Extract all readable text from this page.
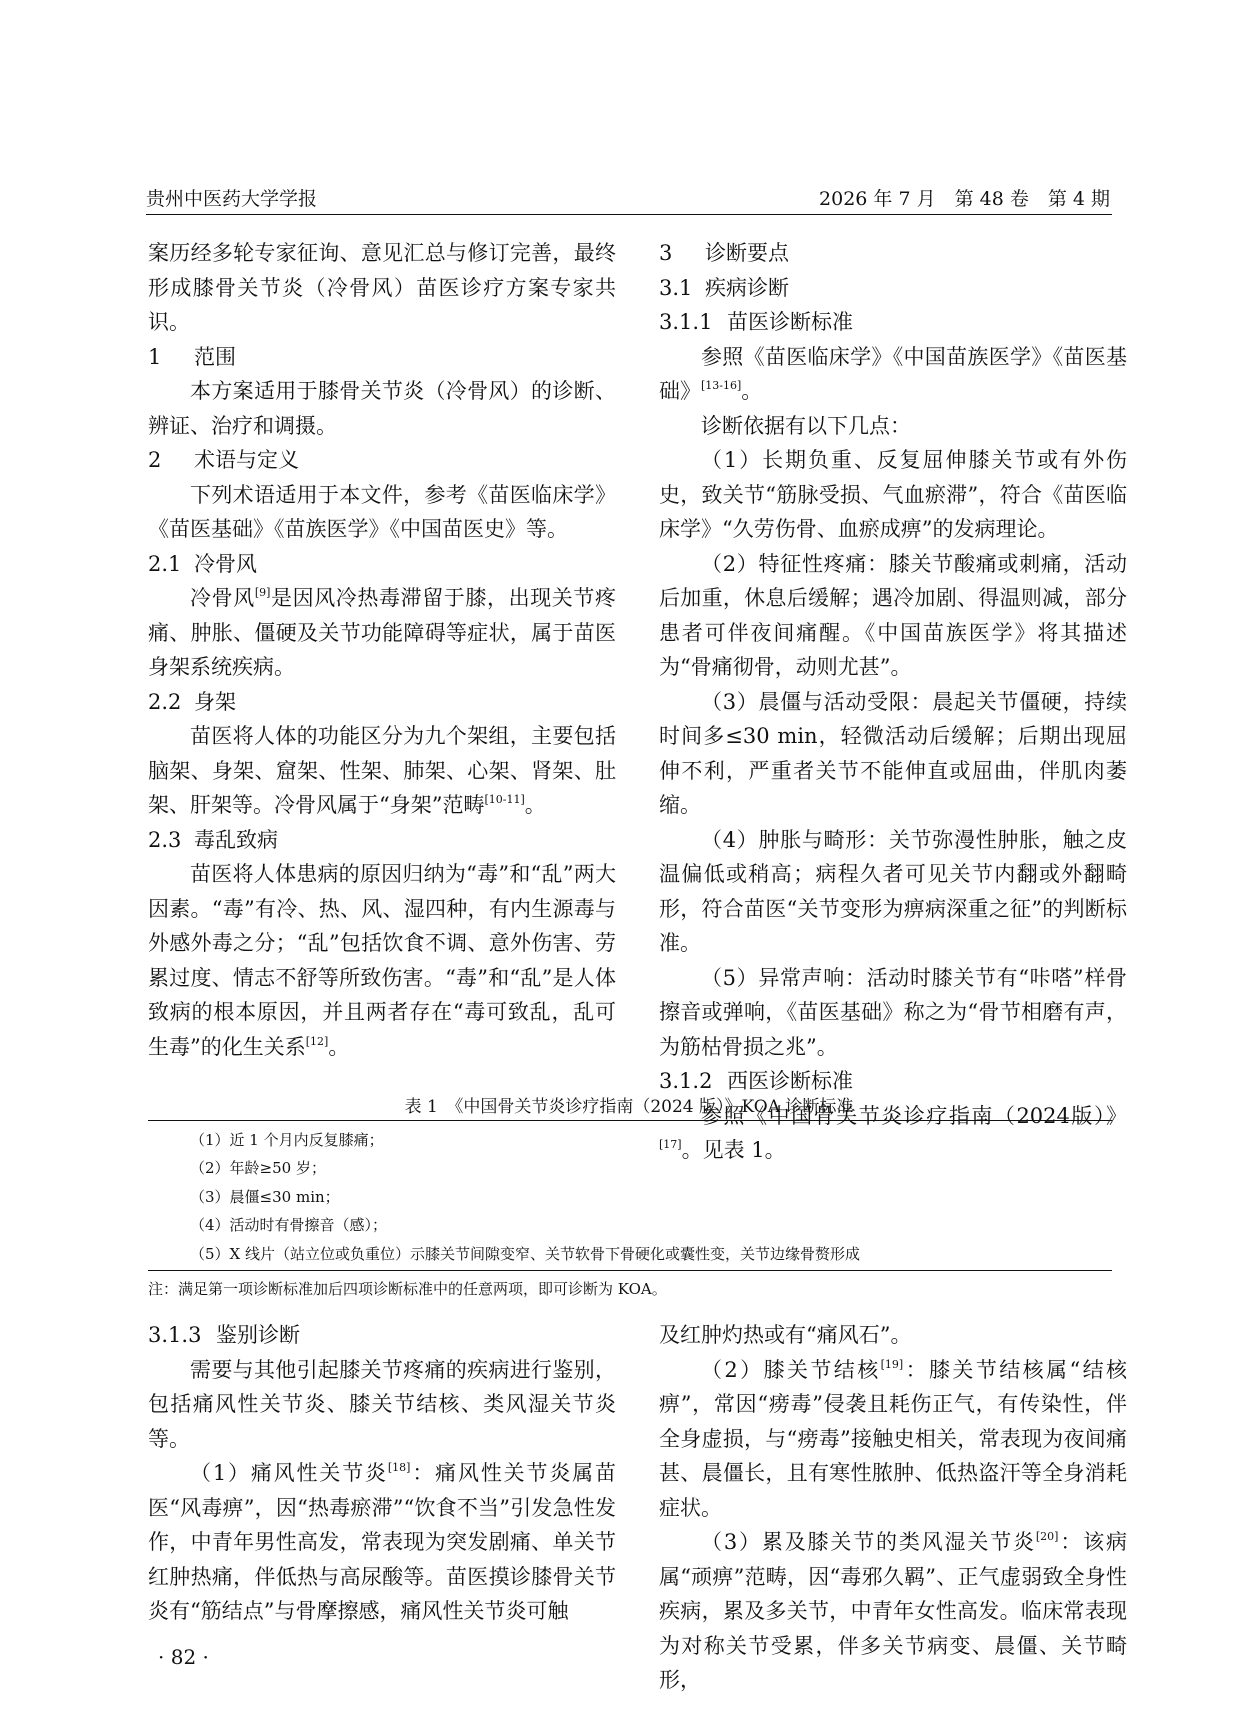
贵州中医药大学学报	2026 年 7 月　第 48 卷　第 4 期

案历经多轮专家征询、意见汇总与修订完善，最终形成膝骨关节炎（冷骨风）苗医诊疗方案专家共识。

1 范围

本方案适用于膝骨关节炎（冷骨风）的诊断、辨证、治疗和调摄。

2 术语与定义

下列术语适用于本文件，参考《苗医临床学》《苗医基础》《苗族医学》《中国苗医史》等。

2.1 冷骨风

冷骨风[9]是因风冷热毒滞留于膝，出现关节疼痛、肿胀、僵硬及关节功能障碍等症状，属于苗医身架系统疾病。

2.2 身架

苗医将人体的功能区分为九个架组，主要包括脑架、身架、窟架、性架、肺架、心架、肾架、肚架、肝架等。冷骨风属于“身架”范畴[10-11]。

2.3 毒乱致病

苗医将人体患病的原因归纳为“毒”和“乱”两大因素。“毒”有冷、热、风、湿四种，有内生源毒与外感外毒之分；“乱”包括饮食不调、意外伤害、劳累过度、情志不舒等所致伤害。“毒”和“乱”是人体致病的根本原因，并且两者存在“毒可致乱，乱可生毒”的化生关系[12]。

3 诊断要点
3.1 疾病诊断
3.1.1 苗医诊断标准

参照《苗医临床学》《中国苗族医学》《苗医基础》[13-16]。

诊断依据有以下几点：

（1）长期负重、反复屈伸膝关节或有外伤史，致关节“筋脉受损、气血瘀滞”，符合《苗医临床学》“久劳伤骨、血瘀成痹”的发病理论。

（2）特征性疼痛：膝关节酸痛或刺痛，活动后加重，休息后缓解；遇冷加剧、得温则减，部分患者可伴夜间痛醒。《中国苗族医学》将其描述为“骨痛彻骨，动则尤甚”。

（3）晨僵与活动受限：晨起关节僵硬，持续时间多≤30 min，轻微活动后缓解；后期出现屈伸不利，严重者关节不能伸直或屈曲，伴肌肉萎缩。

（4）肿胀与畸形：关节弥漫性肿胀，触之皮温偏低或稍高；病程久者可见关节内翻或外翻畸形，符合苗医“关节变形为痹病深重之征”的判断标准。

（5）异常声响：活动时膝关节有“咔嗒”样骨擦音或弹响，《苗医基础》称之为“骨节相磨有声，为筋枯骨损之兆”。

3.1.2 西医诊断标准

参照《中国骨关节炎诊疗指南（2024版）》[17]。见表 1。

表 1　《中国骨关节炎诊疗指南（2024 版）》KOA 诊断标准
（1）近 1 个月内反复膝痛；
（2）年龄≥50 岁；
（3）晨僵≤30 min；
（4）活动时有骨擦音（感）；
（5）X 线片（站立位或负重位）示膝关节间隙变窄、关节软骨下骨硬化或囊性变，关节边缘骨赘形成
注：满足第一项诊断标准加后四项诊断标准中的任意两项，即可诊断为 KOA。
3.1.3 鉴别诊断

需要与其他引起膝关节疼痛的疾病进行鉴别，包括痛风性关节炎、膝关节结核、类风湿关节炎等。

（1）痛风性关节炎[18]：痛风性关节炎属苗医“风毒痹”，因“热毒瘀滞”“饮食不当”引发急性发作，中青年男性高发，常表现为突发剧痛、单关节红肿热痛，伴低热与高尿酸等。苗医摸诊膝骨关节炎有“筋结点”与骨摩擦感，痛风性关节炎可触

及红肿灼热或有“痛风石”。

（2）膝关节结核[19]：膝关节结核属“结核痹”，常因“痨毒”侵袭且耗伤正气，有传染性，伴全身虚损，与“痨毒”接触史相关，常表现为夜间痛甚、晨僵长，且有寒性脓肿、低热盗汗等全身消耗症状。

（3）累及膝关节的类风湿关节炎[20]：该病属“顽痹”范畴，因“毒邪久羁”、正气虚弱致全身性疾病，累及多关节，中青年女性高发。临床常表现为对称关节受累，伴多关节病变、晨僵、关节畸形，

· 82 ·
